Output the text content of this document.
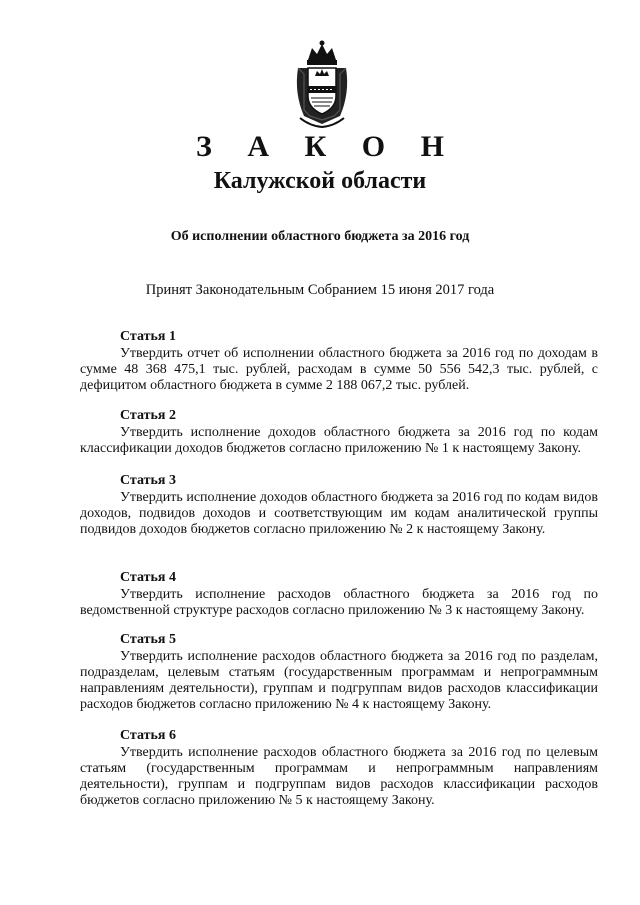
З А К О Н
Калужской области
Об исполнении областного бюджета за 2016 год
Принят Законодательным Собранием 15 июня 2017 года
Статья 1

Утвердить отчет об исполнении областного бюджета за 2016 год по доходам в сумме 48 368 475,1 тыс. рублей, расходам в сумме 50 556 542,3 тыс. рублей, с дефицитом областного бюджета в сумме 2 188 067,2 тыс. рублей.

Статья 2

Утвердить исполнение доходов областного бюджета за 2016 год по кодам классификации доходов бюджетов согласно приложению № 1 к настоящему Закону.

Статья 3

Утвердить исполнение доходов областного бюджета за 2016 год по кодам видов доходов, подвидов доходов и соответствующим им кодам аналитической группы подвидов доходов бюджетов согласно приложению № 2 к настоящему Закону.

Статья 4

Утвердить исполнение расходов областного бюджета за 2016 год по ведомственной структуре расходов согласно приложению № 3 к настоящему Закону.

Статья 5

Утвердить исполнение расходов областного бюджета за 2016 год по разделам, подразделам, целевым статьям (государственным программам и непрограммным направлениям деятельности), группам и подгруппам видов расходов классификации расходов бюджетов согласно приложению № 4 к настоящему Закону.

Статья 6

Утвердить исполнение расходов областного бюджета за 2016 год по целевым статьям (государственным программам и непрограммным направлениям деятельности), группам и подгруппам видов расходов классификации расходов бюджетов согласно приложению № 5 к настоящему Закону.
